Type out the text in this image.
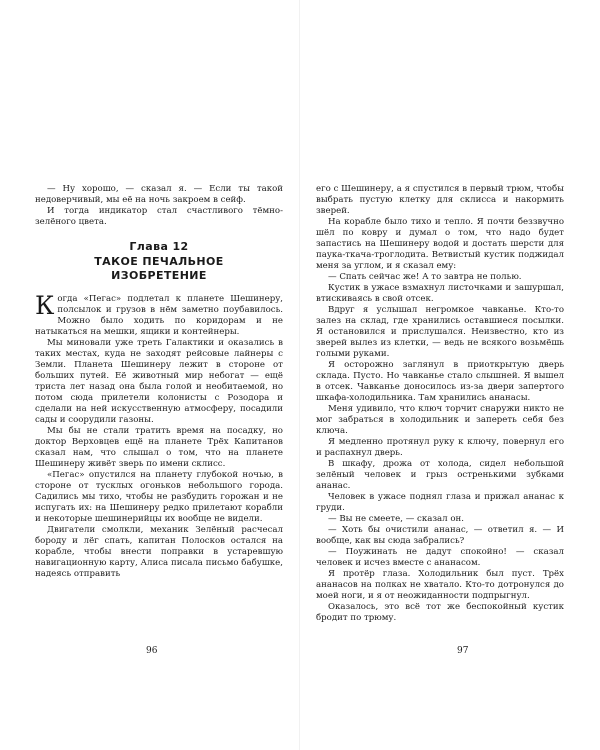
— Ну хорошо, — сказал я. — Если ты такой недоверчивый, мы её на ночь закроем в сейф.

И тогда индикатор стал счастливого тёмно-зелёного цвета.

Глава 12
ТАКОЕ ПЕЧАЛЬНОЕ
ИЗОБРЕТЕНИЕ

Когда «Пегас» подлетал к планете Шешинеру, полсылок и грузов в нём заметно поубавилось. Можно было ходить по коридорам и не натыкаться на мешки, ящики и контейнеры.

Мы миновали уже треть Галактики и оказались в таких местах, куда не заходят рейсовые лайнеры с Земли. Планета Шешинеру лежит в стороне от больших путей. Её животный мир небогат — ещё триста лет назад она была голой и необитаемой, но потом сюда прилетели колонисты с Розодора и сделали на ней искусственную атмосферу, посадили сады и соорудили газоны.

Мы бы не стали тратить время на посадку, но доктор Верховцев ещё на планете Трёх Капитанов сказал нам, что слышал о том, что на планете Шешинеру живёт зверь по имени склисс.

«Пегас» опустился на планету глубокой ночью, в стороне от тусклых огоньков небольшого города. Садились мы тихо, чтобы не разбудить горожан и не испугать их: на Шешинеру редко прилетают корабли и некоторые шешинерийцы их вообще не видели.

Двигатели смолкли, механик Зелёный расчесал бороду и лёг спать, капитан Полосков остался на корабле, чтобы внести поправки в устаревшую навигационную карту, Алиса писала письмо бабушке, надеясь отправить

96

его с Шешинеру, а я спустился в первый трюм, чтобы выбрать пустую клетку для склисса и накормить зверей.

На корабле было тихо и тепло. Я почти беззвучно шёл по ковру и думал о том, что надо будет запастись на Шешинеру водой и достать шерсти для паука-ткача-троглодита. Ветвистый кустик поджидал меня за углом, и я сказал ему:

— Спать сейчас же! А то завтра не полью.

Кустик в ужасе взмахнул листочками и зашуршал, втискиваясь в свой отсек.

Вдруг я услышал негромкое чавканье. Кто-то залез на склад, где хранились оставшиеся посылки. Я остановился и прислушался. Неизвестно, кто из зверей вылез из клетки, — ведь не всякого возьмёшь голыми руками.

Я осторожно заглянул в приоткрытую дверь склада. Пусто. Но чавканье стало слышней. Я вышел в отсек. Чавканье доносилось из-за двери запертого шкафа-холодильника. Там хранились ананасы.

Меня удивило, что ключ торчит снаружи никто не мог забраться в холодильник и запереть себя без ключа.

Я медленно протянул руку к ключу, повернул его и распахнул дверь.

В шкафу, дрожа от холода, сидел небольшой зелёный человек и грыз остренькими зубками ананас.

Человек в ужасе поднял глаза и прижал ананас к груди.

— Вы не смеете, — сказал он.

— Хоть бы очистили ананас, — ответил я. — И вообще, как вы сюда забрались?

— Поужинать не дадут спокойно! — сказал человек и исчез вместе с ананасом.

Я протёр глаза. Холодильник был пуст. Трёх ананасов на полках не хватало. Кто-то дотронулся до моей ноги, и я от неожиданности подпрыгнул.

Оказалось, это всё тот же беспокойный кустик бродит по трюму.

97
